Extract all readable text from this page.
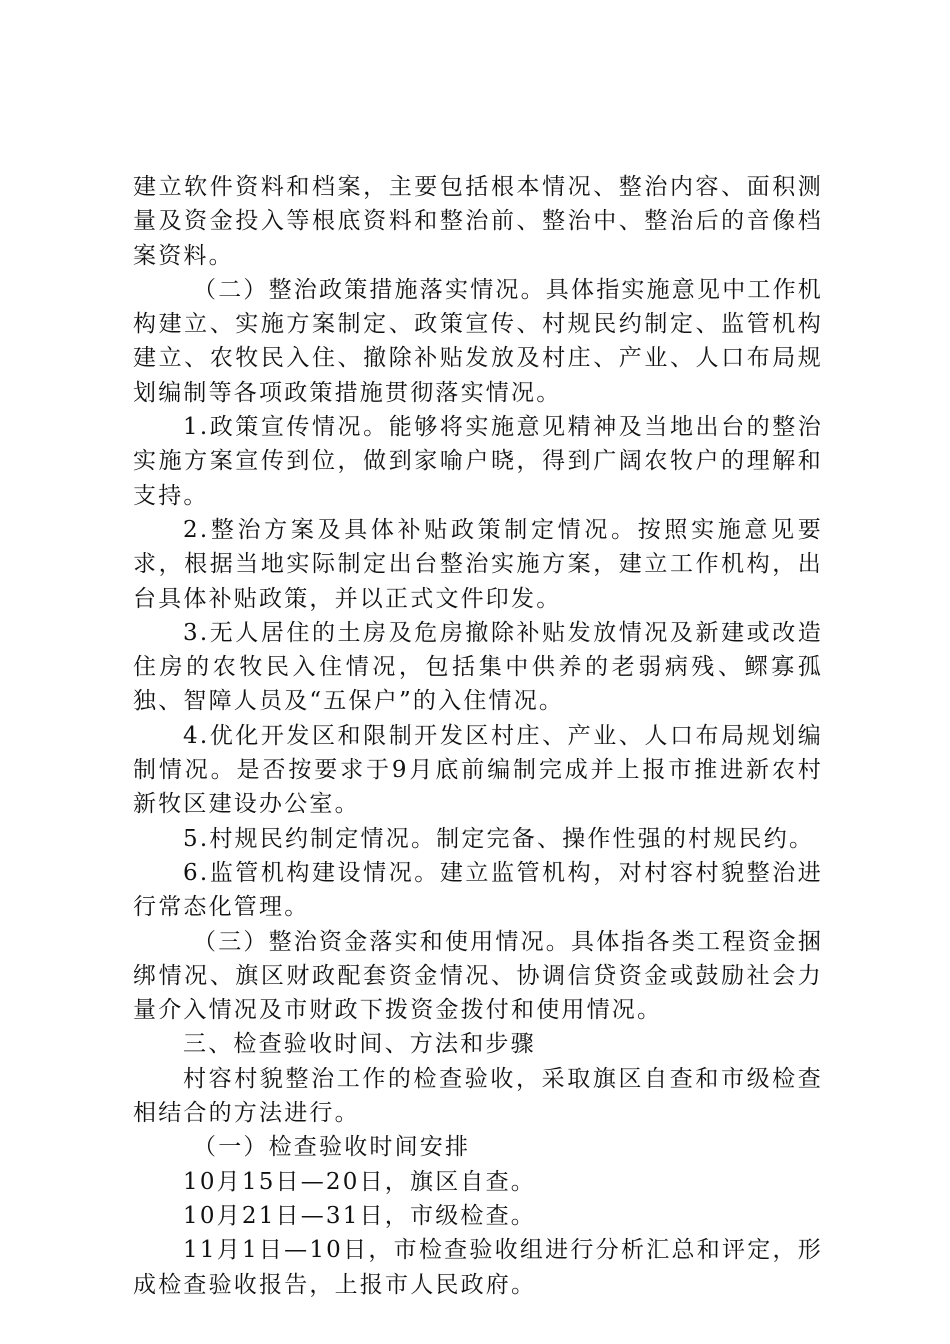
建立软件资料和档案，主要包括根本情况、整治内容、面积测量及资金投入等根底资料和整治前、整治中、整治后的音像档案资料。

（二）整治政策措施落实情况。具体指实施意见中工作机构建立、实施方案制定、政策宣传、村规民约制定、监管机构建立、农牧民入住、撤除补贴发放及村庄、产业、人口布局规划编制等各项政策措施贯彻落实情况。

1.政策宣传情况。能够将实施意见精神及当地出台的整治实施方案宣传到位，做到家喻户晓，得到广阔农牧户的理解和支持。

2.整治方案及具体补贴政策制定情况。按照实施意见要求，根据当地实际制定出台整治实施方案，建立工作机构，出台具体补贴政策，并以正式文件印发。

3.无人居住的土房及危房撤除补贴发放情况及新建或改造住房的农牧民入住情况，包括集中供养的老弱病残、鳏寡孤独、智障人员及“五保户”的入住情况。

4.优化开发区和限制开发区村庄、产业、人口布局规划编制情况。是否按要求于9月底前编制完成并上报市推进新农村新牧区建设办公室。

5.村规民约制定情况。制定完备、操作性强的村规民约。

6.监管机构建设情况。建立监管机构，对村容村貌整治进行常态化管理。

（三）整治资金落实和使用情况。具体指各类工程资金捆绑情况、旗区财政配套资金情况、协调信贷资金或鼓励社会力量介入情况及市财政下拨资金拨付和使用情况。

三、检查验收时间、方法和步骤

村容村貌整治工作的检查验收，采取旗区自查和市级检查相结合的方法进行。

（一）检查验收时间安排

10月15日—20日，旗区自查。

10月21日—31日，市级检查。

11月1日—10日，市检查验收组进行分析汇总和评定，形成检查验收报告，上报市人民政府。
